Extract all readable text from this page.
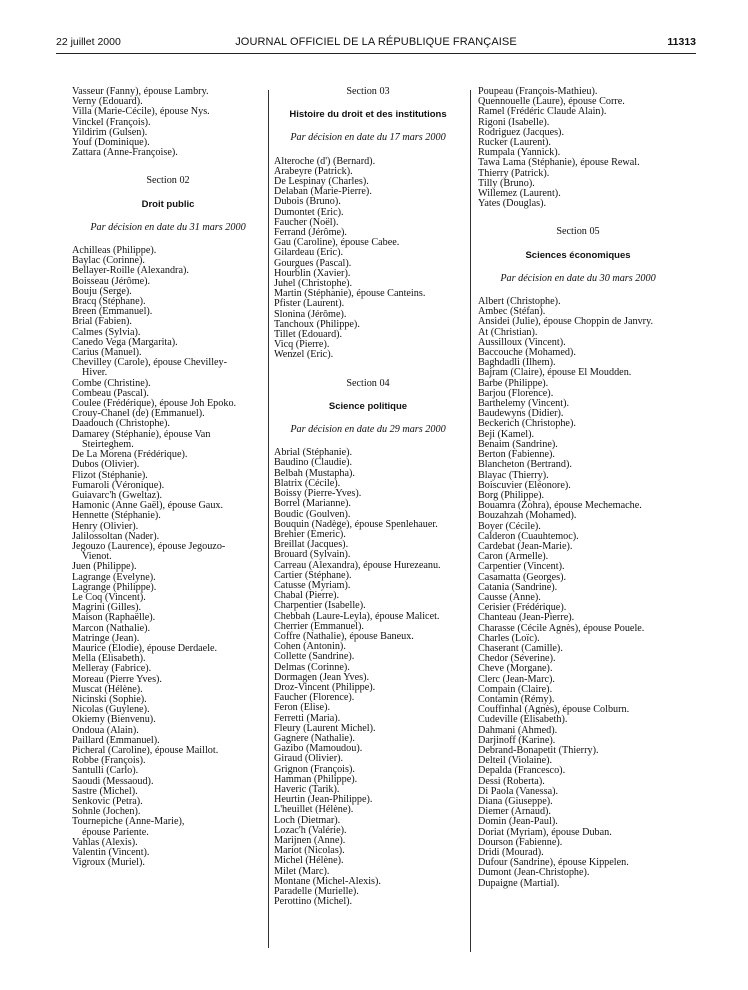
22 juillet 2000	JOURNAL OFFICIEL DE LA RÉPUBLIQUE FRANÇAISE	11313
Vasseur (Fanny), épouse Lambry.
Verny (Edouard).
Villa (Marie-Cécile), épouse Nys.
Vinckel (François).
Yildirim (Gulsen).
Youf (Dominique).
Zattara (Anne-Françoise).
Section 02
Droit public
Par décision en date du 31 mars 2000
Achilleas (Philippe).
Baylac (Corinne).
Bellayer-Roille (Alexandra).
Boisseau (Jérôme).
Bouju (Serge).
Bracq (Stéphane).
Breen (Emmanuel).
Brial (Fabien).
Calmes (Sylvia).
Canedo Vega (Margarita).
Carius (Manuel).
Chevilley (Carole), épouse Chevilley-
Hiver.
Combe (Christine).
Combeau (Pascal).
Coulee (Frédérique), épouse Joh Epoko.
Crouy-Chanel (de) (Emmanuel).
Daadouch (Christophe).
Damarey (Stéphanie), épouse Van
Steirteghem.
De La Morena (Frédérique).
Dubos (Olivier).
Flizot (Stéphanie).
Fumaroli (Véronique).
Guiavarc'h (Gweltaz).
Hamonic (Anne Gaël), épouse Gaux.
Hennette (Stéphanie).
Henry (Olivier).
Jalilossoltan (Nader).
Jegouzo (Laurence), épouse Jegouzo-
Vienot.
Juen (Philippe).
Lagrange (Evelyne).
Lagrange (Philippe).
Le Coq (Vincent).
Magrini (Gilles).
Maison (Raphaëlle).
Marcon (Nathalie).
Matringe (Jean).
Maurice (Elodie), épouse Derdaele.
Mella (Elisabeth).
Melleray (Fabrice).
Moreau (Pierre Yves).
Muscat (Hélène).
Nicinski (Sophie).
Nicolas (Guylene).
Okiemy (Bienvenu).
Ondoua (Alain).
Paillard (Emmanuel).
Picheral (Caroline), épouse Maillot.
Robbe (François).
Santulli (Carlo).
Saoudi (Messaoud).
Sastre (Michel).
Senkovic (Petra).
Sohnle (Jochen).
Tournepiche (Anne-Marie),
épouse Pariente.
Vahlas (Alexis).
Valentin (Vincent).
Vigroux (Muriel).
Section 03
Histoire du droit et des institutions
Par décision en date du 17 mars 2000
Alteroche (d') (Bernard).
Arabeyre (Patrick).
De Lespinay (Charles).
Delaban (Marie-Pierre).
Dubois (Bruno).
Dumontet (Eric).
Faucher (Noël).
Ferrand (Jérôme).
Gau (Caroline), épouse Cabee.
Gilardeau (Eric).
Gourgues (Pascal).
Hourblin (Xavier).
Juhel (Christophe).
Martin (Stéphanie), épouse Canteins.
Pfister (Laurent).
Slonina (Jérôme).
Tanchoux (Philippe).
Tillet (Edouard).
Vicq (Pierre).
Wenzel (Eric).
Section 04
Science politique
Par décision en date du 29 mars 2000
Abrial (Stéphanie).
Baudino (Claudie).
Belbah (Mustapha).
Blatrix (Cécile).
Boissy (Pierre-Yves).
Borrel (Marianne).
Boudic (Goulven).
Bouquin (Nadège), épouse Spenlehauer.
Brehier (Emeric).
Breillat (Jacques).
Brouard (Sylvain).
Carreau (Alexandra), épouse Hurezeanu.
Cartier (Stéphane).
Catusse (Myriam).
Chabal (Pierre).
Charpentier (Isabelle).
Chebbah (Laure-Leyla), épouse Malicet.
Cherrier (Emmanuel).
Coffre (Nathalie), épouse Baneux.
Cohen (Antonin).
Collette (Sandrine).
Delmas (Corinne).
Dormagen (Jean Yves).
Droz-Vincent (Philippe).
Faucher (Florence).
Feron (Elise).
Ferretti (Maria).
Fleury (Laurent Michel).
Gagnere (Nathalie).
Gazibo (Mamoudou).
Giraud (Olivier).
Grignon (François).
Hamman (Philippe).
Haveric (Tarik).
Heurtin (Jean-Philippe).
L'heuillet (Hélène).
Loch (Dietmar).
Lozac'h (Valérie).
Marijnen (Anne).
Mariot (Nicolas).
Michel (Hélène).
Milet (Marc).
Montane (Michel-Alexis).
Paradelle (Murielle).
Perottino (Michel).
Poupeau (François-Mathieu).
Quennouelle (Laure), épouse Corre.
Ramel (Frédéric Claude Alain).
Rigoni (Isabelle).
Rodriguez (Jacques).
Rucker (Laurent).
Rumpala (Yannick).
Tawa Lama (Stéphanie), épouse Rewal.
Thierry (Patrick).
Tilly (Bruno).
Willemez (Laurent).
Yates (Douglas).
Section 05
Sciences économiques
Par décision en date du 30 mars 2000
Albert (Christophe).
Ambec (Stéfan).
Ansidei (Julie), épouse Choppin de Janvry.
At (Christian).
Aussilloux (Vincent).
Baccouche (Mohamed).
Baghdadli (Ilhem).
Bajram (Claire), épouse El Moudden.
Barbe (Philippe).
Barjou (Florence).
Barthelemy (Vincent).
Baudewyns (Didier).
Beckerich (Christophe).
Beji (Kamel).
Benaim (Sandrine).
Berton (Fabienne).
Blancheton (Bertrand).
Blayac (Thierry).
Boiscuvier (Eléonore).
Borg (Philippe).
Bouamra (Zohra), épouse Mechemache.
Bouzahzah (Mohamed).
Boyer (Cécile).
Calderon (Cuauhtemoc).
Cardebat (Jean-Marie).
Caron (Armelle).
Carpentier (Vincent).
Casamatta (Georges).
Catania (Sandrine).
Causse (Anne).
Cerisier (Frédérique).
Chanteau (Jean-Pierre).
Charasse (Cécile Agnès), épouse Pouele.
Charles (Loïc).
Chaserant (Camille).
Chedor (Séverine).
Cheve (Morgane).
Clerc (Jean-Marc).
Compain (Claire).
Contamin (Rémy).
Couffinhal (Agnès), épouse Colburn.
Cudeville (Elisabeth).
Dahmani (Ahmed).
Darjinoff (Karine).
Debrand-Bonapetit (Thierry).
Delteil (Violaine).
Depalda (Francesco).
Dessi (Roberta).
Di Paola (Vanessa).
Diana (Giuseppe).
Diemer (Arnaud).
Domin (Jean-Paul).
Doriat (Myriam), épouse Duban.
Dourson (Fabienne).
Dridi (Mourad).
Dufour (Sandrine), épouse Kippelen.
Dumont (Jean-Christophe).
Dupaigne (Martial).
